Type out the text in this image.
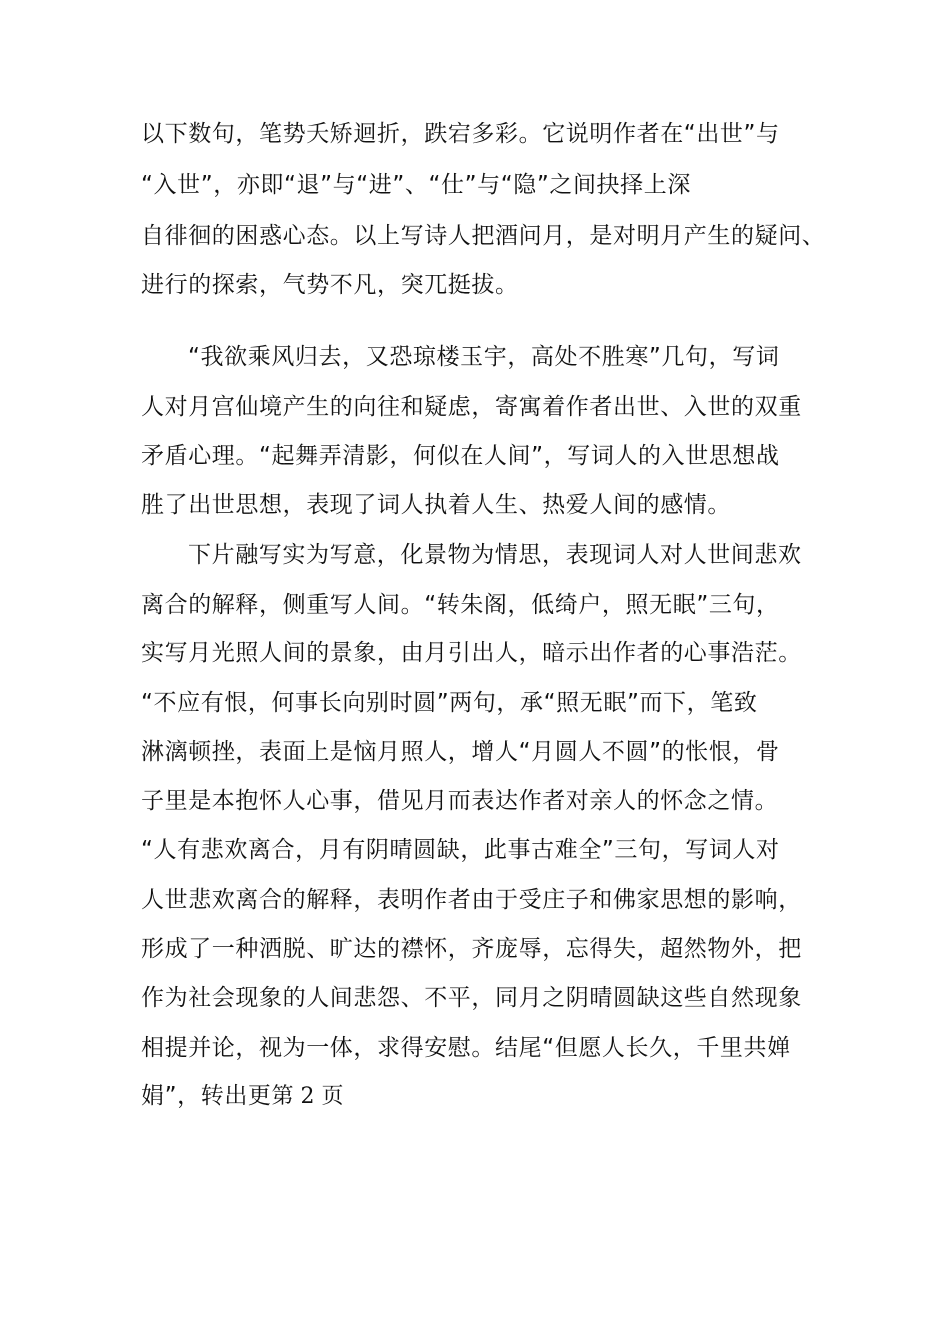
以下数句，笔势夭矫迴折，跌宕多彩。它说明作者在“出世”与
“入世”，亦即“退”与“进”、“仕”与“隐”之间抉择上深
自徘徊的困惑心态。以上写诗人把酒问月，是对明月产生的疑问、
进行的探索，气势不凡，突兀挺拔。
“我欲乘风归去，又恐琼楼玉宇，高处不胜寒”几句，写词
人对月宫仙境产生的向往和疑虑，寄寓着作者出世、入世的双重
矛盾心理。“起舞弄清影，何似在人间”，写词人的入世思想战
胜了出世思想，表现了词人执着人生、热爱人间的感情。
下片融写实为写意，化景物为情思，表现词人对人世间悲欢
离合的解释，侧重写人间。“转朱阁，低绮户，照无眠”三句，
实写月光照人间的景象，由月引出人，暗示出作者的心事浩茫。
“不应有恨，何事长向别时圆”两句，承“照无眠”而下，笔致
淋漓顿挫，表面上是恼月照人，增人“月圆人不圆”的怅恨，骨
子里是本抱怀人心事，借见月而表达作者对亲人的怀念之情。
“人有悲欢离合，月有阴晴圆缺，此事古难全”三句，写词人对
人世悲欢离合的解释，表明作者由于受庄子和佛家思想的影响，
形成了一种洒脱、旷达的襟怀，齐庞辱，忘得失，超然物外，把
作为社会现象的人间悲怨、不平，同月之阴晴圆缺这些自然现象
相提并论，视为一体，求得安慰。结尾“但愿人长久，千里共婵
娟”，转出更第 2 页
